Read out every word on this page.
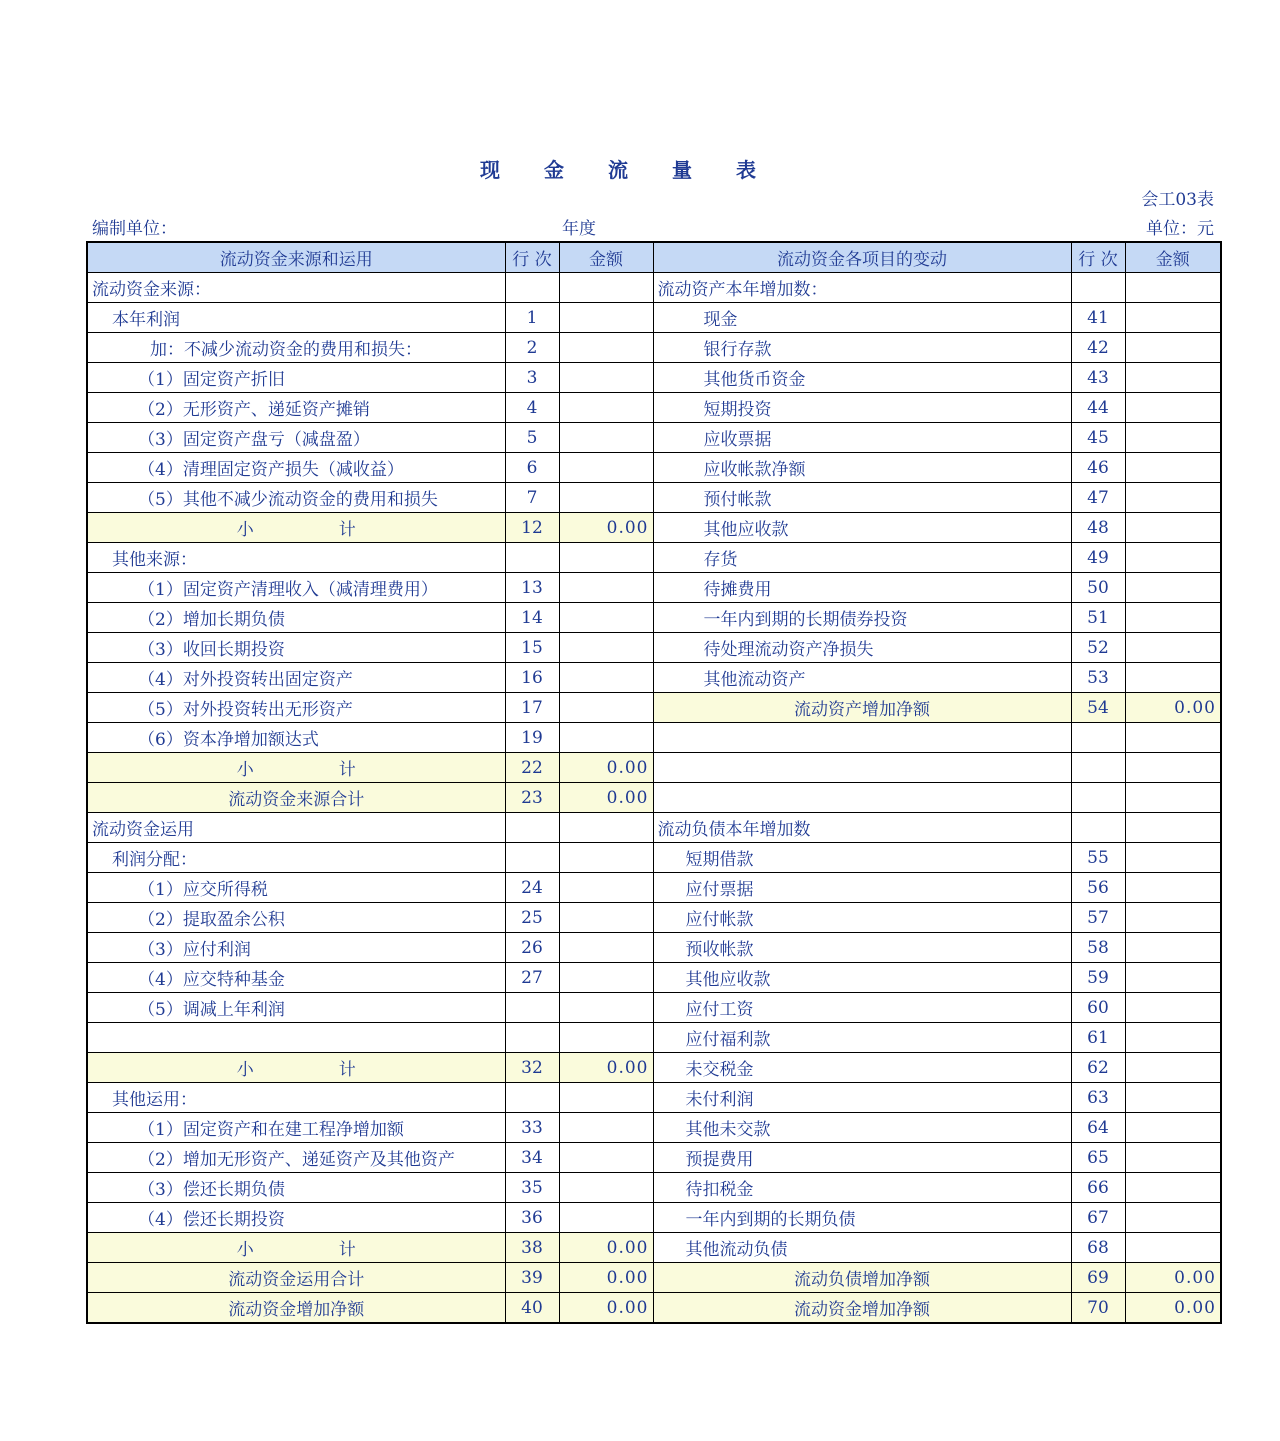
现金流量表
会工03表
编制单位：	年度	单位：元
流动资金来源和运用	行 次	金额	流动资金各项目的变动	行 次	金额
流动资金来源：			流动资产本年增加数：		
本年利润	1		现金	41	
加：不减少流动资金的费用和损失：	2		银行存款	42	
（1）固定资产折旧	3		其他货币资金	43	
（2）无形资产、递延资产摊销	4		短期投资	44	
（3）固定资产盘亏（减盘盈）	5		应收票据	45	
（4）清理固定资产损失（减收益）	6		应收帐款净额	46	
（5）其他不减少流动资金的费用和损失	7		预付帐款	47	
小　　　　　计	12	0.00	其他应收款	48	
其他来源：			存货	49	
（1）固定资产清理收入（减清理费用）	13		待摊费用	50	
（2）增加长期负债	14		一年内到期的长期债券投资	51	
（3）收回长期投资	15		待处理流动资产净损失	52	
（4）对外投资转出固定资产	16		其他流动资产	53	
（5）对外投资转出无形资产	17		流动资产增加净额	54	0.00
（6）资本净增加额达式	19				
小　　　　　计	22	0.00			
流动资金来源合计	23	0.00			
流动资金运用			流动负债本年增加数		
利润分配：			短期借款	55	
（1）应交所得税	24		应付票据	56	
（2）提取盈余公积	25		应付帐款	57	
（3）应付利润	26		预收帐款	58	
（4）应交特种基金	27		其他应收款	59	
（5）调减上年利润			应付工资	60	
			应付福利款	61	
小　　　　　计	32	0.00	未交税金	62	
其他运用：			未付利润	63	
（1）固定资产和在建工程净增加额	33		其他未交款	64	
（2）增加无形资产、递延资产及其他资产	34		预提费用	65	
（3）偿还长期负债	35		待扣税金	66	
（4）偿还长期投资	36		一年内到期的长期负债	67	
小　　　　　计	38	0.00	其他流动负债	68	
流动资金运用合计	39	0.00	流动负债增加净额	69	0.00
流动资金增加净额	40	0.00	流动资金增加净额	70	0.00
